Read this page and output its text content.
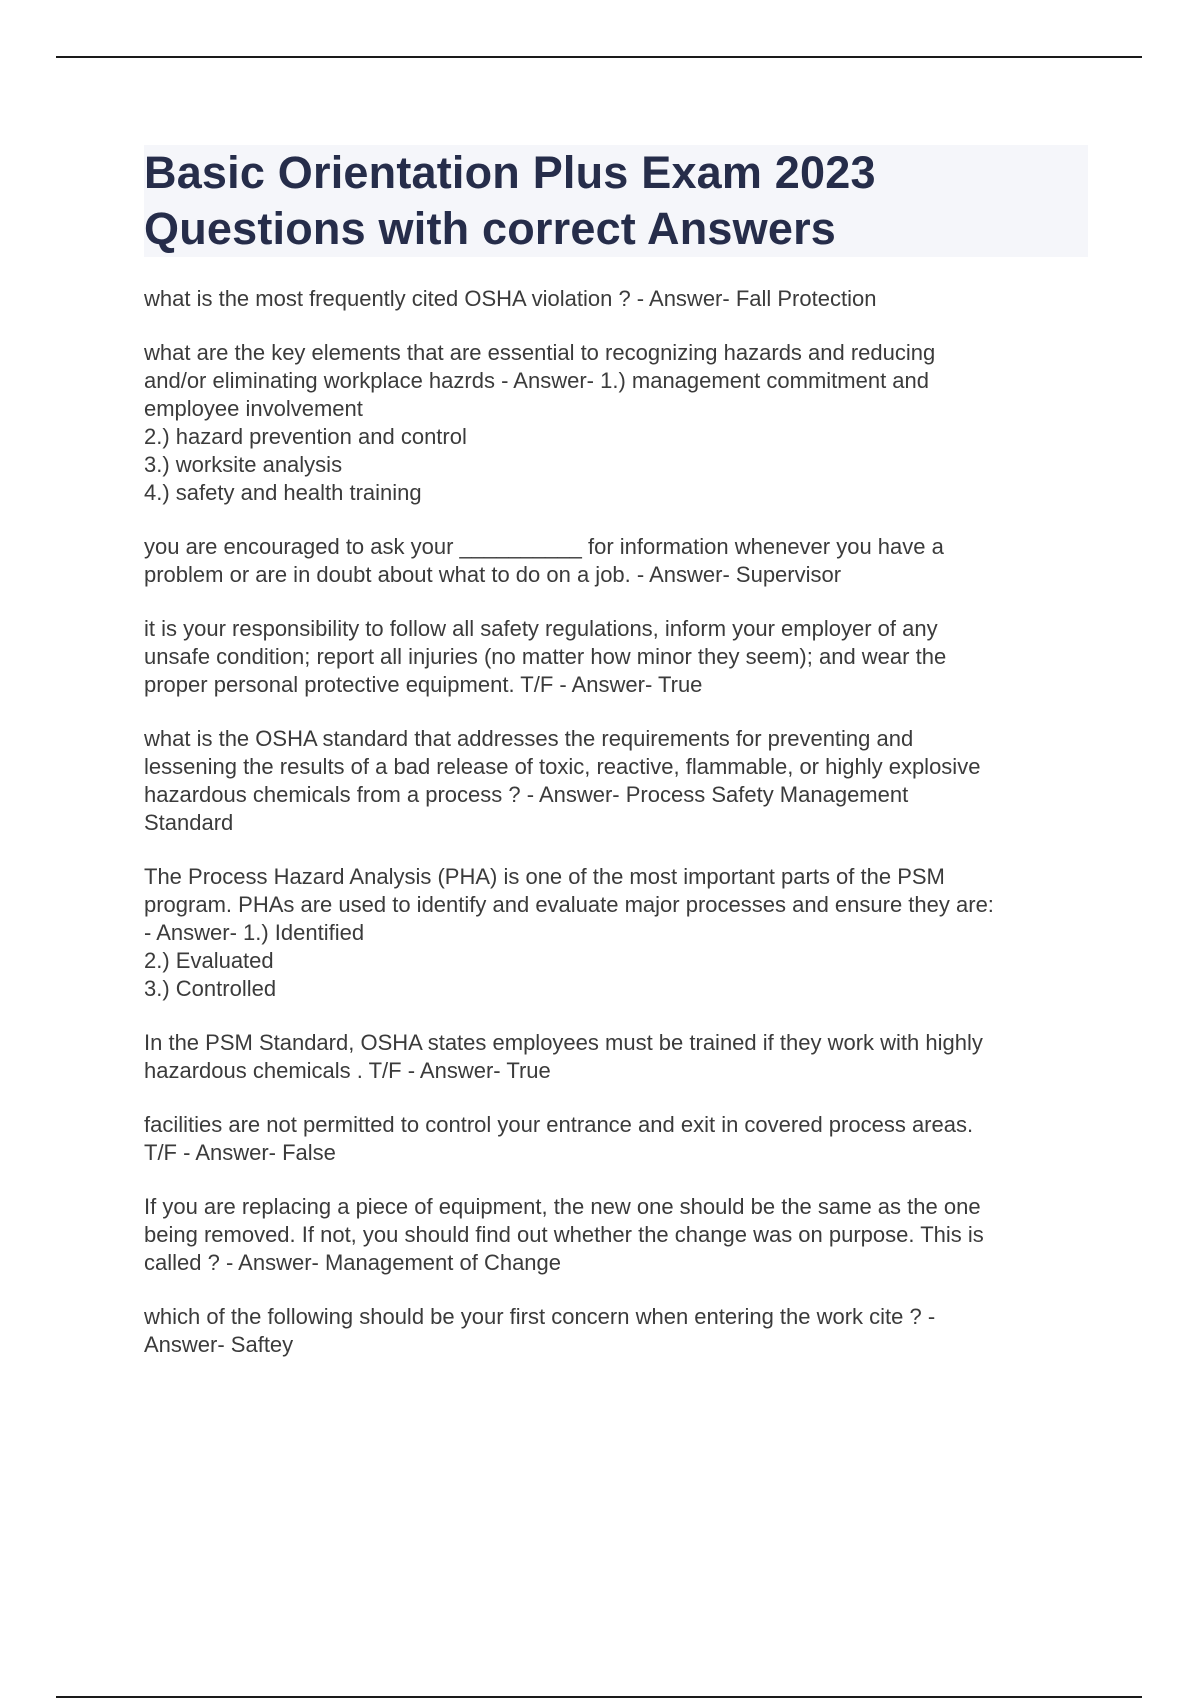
Basic Orientation Plus Exam 2023
Questions with correct Answers

what is the most frequently cited OSHA violation ? - Answer- Fall Protection

what are the key elements that are essential to recognizing hazards and reducing
and/or eliminating workplace hazrds - Answer- 1.) management commitment and
employee involvement
2.) hazard prevention and control
3.) worksite analysis
4.) safety and health training

you are encouraged to ask your __________ for information whenever you have a
problem or are in doubt about what to do on a job. - Answer- Supervisor

it is your responsibility to follow all safety regulations, inform your employer of any
unsafe condition; report all injuries (no matter how minor they seem); and wear the
proper personal protective equipment. T/F - Answer- True

what is the OSHA standard that addresses the requirements for preventing and
lessening the results of a bad release of toxic, reactive, flammable, or highly explosive
hazardous chemicals from a process ? - Answer- Process Safety Management
Standard

The Process Hazard Analysis (PHA) is one of the most important parts of the PSM
program. PHAs are used to identify and evaluate major processes and ensure they are:
- Answer- 1.) Identified
2.) Evaluated
3.) Controlled

In the PSM Standard, OSHA states employees must be trained if they work with highly
hazardous chemicals . T/F - Answer- True

facilities are not permitted to control your entrance and exit in covered process areas.
T/F - Answer- False

If you are replacing a piece of equipment, the new one should be the same as the one
being removed. If not, you should find out whether the change was on purpose. This is
called ? - Answer- Management of Change

which of the following should be your first concern when entering the work cite ? -
Answer- Saftey
